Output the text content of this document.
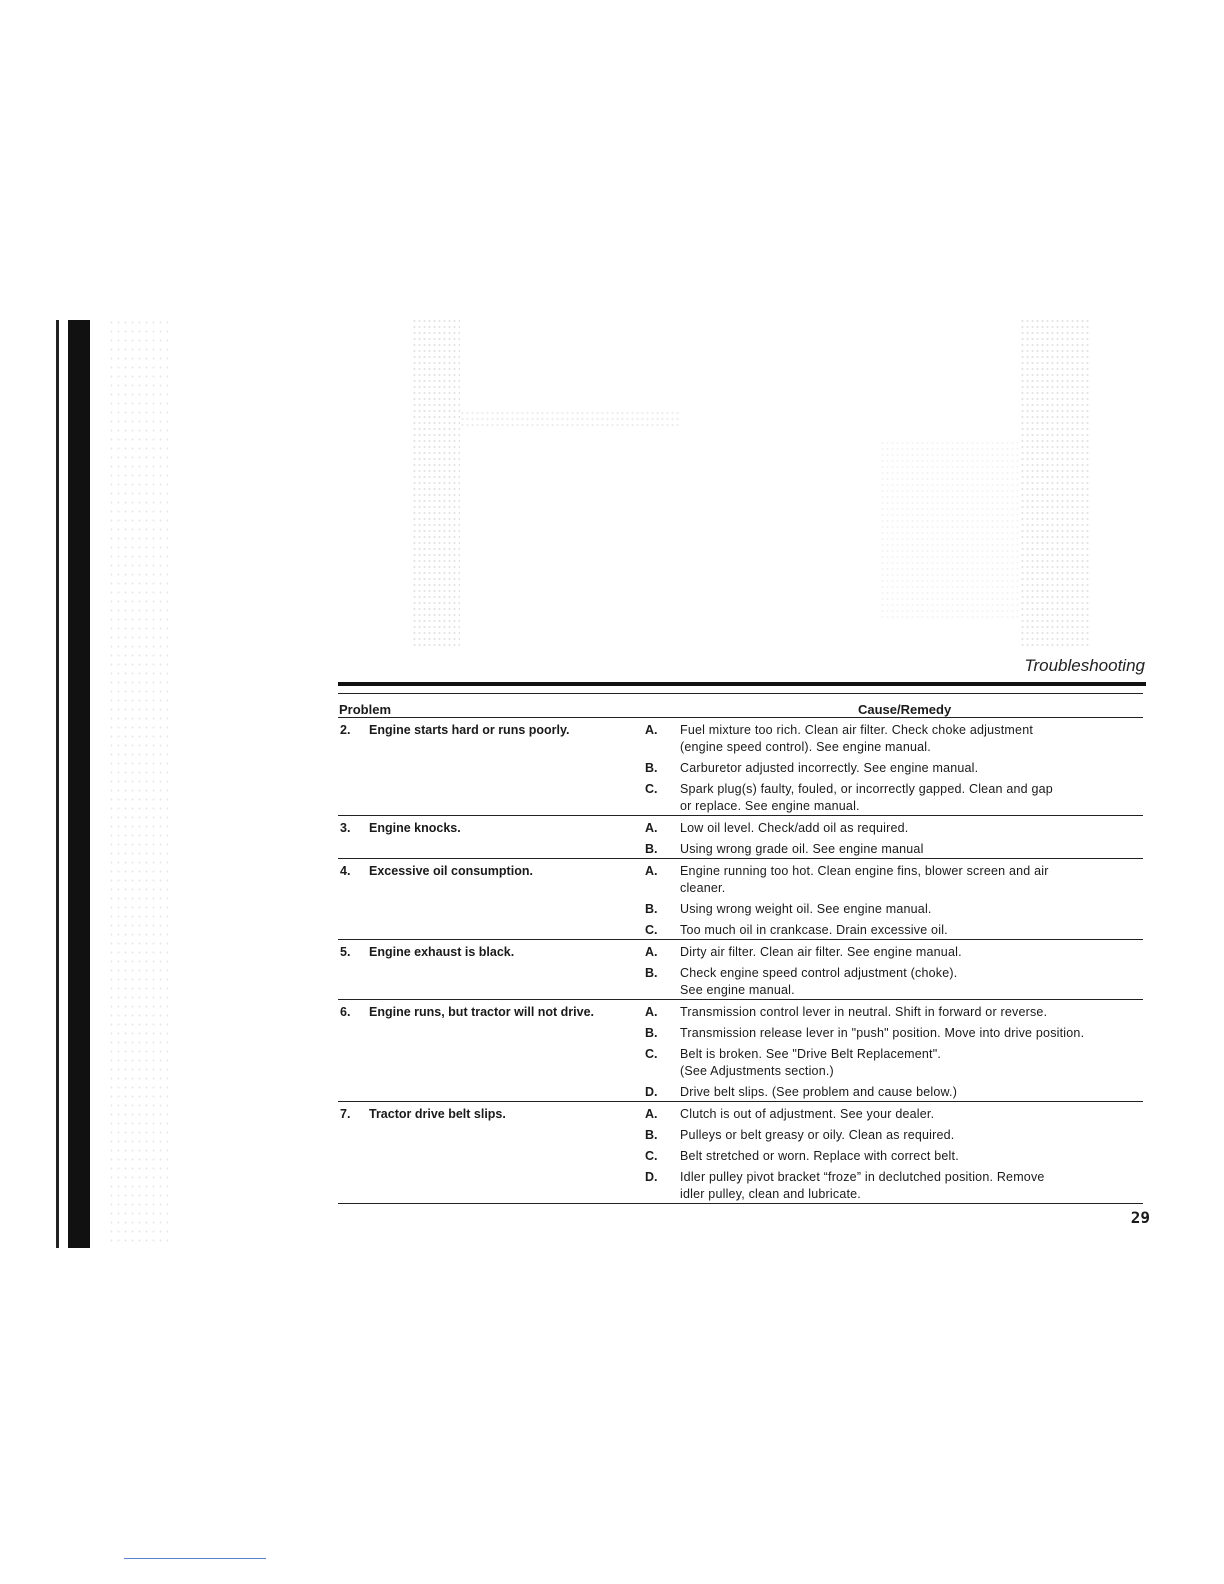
Troubleshooting
Problem	Cause/Remedy
2.	Engine starts hard or runs poorly.	A.	Fuel mixture too rich. Clean air filter. Check choke adjustment
(engine speed control). See engine manual.
B.	Carburetor adjusted incorrectly. See engine manual.
C.	Spark plug(s) faulty, fouled, or incorrectly gapped. Clean and gap
or replace. See engine manual.
3.	Engine knocks.	A.	Low oil level. Check/add oil as required.
B.	Using wrong grade oil. See engine manual
4.	Excessive oil consumption.	A.	Engine running too hot. Clean engine fins, blower screen and air
cleaner.
B.	Using wrong weight oil. See engine manual.
C.	Too much oil in crankcase. Drain excessive oil.
5.	Engine exhaust is black.	A.	Dirty air filter. Clean air filter. See engine manual.
B.	Check engine speed control adjustment (choke).
See engine manual.
6.	Engine runs, but tractor will not drive.	A.	Transmission control lever in neutral. Shift in forward or reverse.
B.	Transmission release lever in "push" position. Move into drive position.
C.	Belt is broken. See "Drive Belt Replacement".
(See Adjustments section.)
D.	Drive belt slips. (See problem and cause below.)
7.	Tractor drive belt slips.	A.	Clutch is out of adjustment. See your dealer.
B.	Pulleys or belt greasy or oily. Clean as required.
C.	Belt stretched or worn. Replace with correct belt.
D.	Idler pulley pivot bracket “froze” in declutched position. Remove
idler pulley, clean and lubricate.
29
